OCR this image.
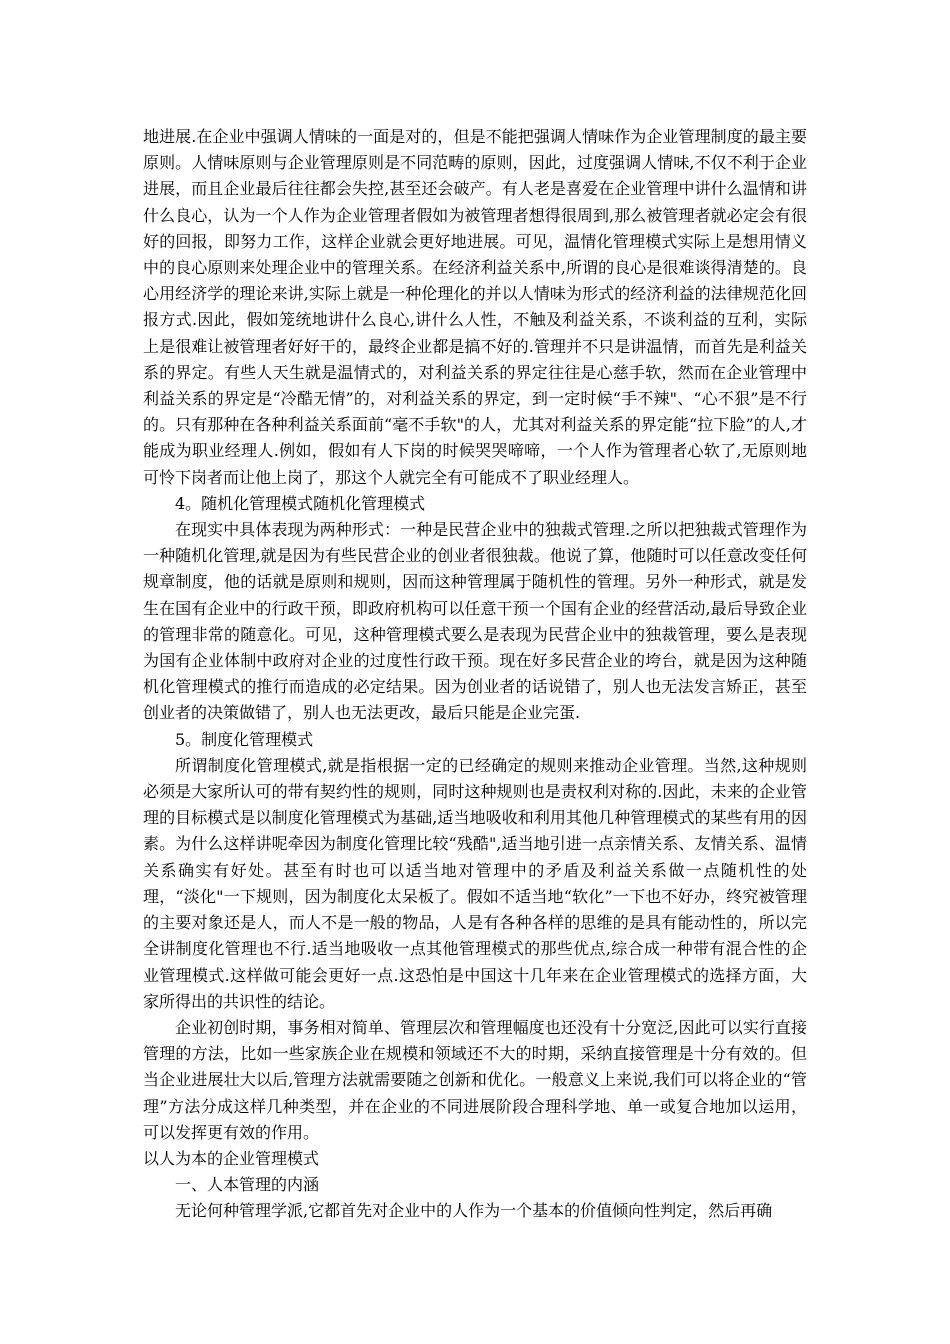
地进展.在企业中强调人情味的一面是对的，但是不能把强调人情味作为企业管理制度的最主要原则。人情味原则与企业管理原则是不同范畴的原则，因此，过度强调人情味,不仅不利于企业进展，而且企业最后往往都会失控,甚至还会破产。有人老是喜爱在企业管理中讲什么温情和讲什么良心，认为一个人作为企业管理者假如为被管理者想得很周到,那么被管理者就必定会有很好的回报，即努力工作，这样企业就会更好地进展。可见，温情化管理模式实际上是想用情义中的良心原则来处理企业中的管理关系。在经济利益关系中,所谓的良心是很难谈得清楚的。良心用经济学的理论来讲,实际上就是一种伦理化的并以人情味为形式的经济利益的法律规范化回报方式.因此，假如笼统地讲什么良心,讲什么人性，不触及利益关系，不谈利益的互利，实际上是很难让被管理者好好干的，最终企业都是搞不好的.管理并不只是讲温情，而首先是利益关系的界定。有些人天生就是温情式的，对利益关系的界定往往是心慈手软，然而在企业管理中利益关系的界定是“冷酷无情”的，对利益关系的界定，到一定时候“手不辣"、“心不狠”是不行的。只有那种在各种利益关系面前“毫不手软"的人，尤其对利益关系的界定能“拉下脸”的人,才能成为职业经理人.例如，假如有人下岗的时候哭哭啼啼，一个人作为管理者心软了,无原则地可怜下岗者而让他上岗了，那这个人就完全有可能成不了职业经理人。

4。随机化管理模式随机化管理模式

在现实中具体表现为两种形式：一种是民营企业中的独裁式管理.之所以把独裁式管理作为一种随机化管理,就是因为有些民营企业的创业者很独裁。他说了算，他随时可以任意改变任何规章制度，他的话就是原则和规则，因而这种管理属于随机性的管理。另外一种形式，就是发生在国有企业中的行政干预，即政府机构可以任意干预一个国有企业的经营活动,最后导致企业的管理非常的随意化。可见，这种管理模式要么是表现为民营企业中的独裁管理，要么是表现为国有企业体制中政府对企业的过度性行政干预。现在好多民营企业的垮台，就是因为这种随机化管理模式的推行而造成的必定结果。因为创业者的话说错了，别人也无法发言矫正，甚至创业者的决策做错了，别人也无法更改，最后只能是企业完蛋.

5。制度化管理模式

所谓制度化管理模式,就是指根据一定的已经确定的规则来推动企业管理。当然,这种规则必须是大家所认可的带有契约性的规则，同时这种规则也是责权利对称的.因此，未来的企业管理的目标模式是以制度化管理模式为基础,适当地吸收和利用其他几种管理模式的某些有用的因素。为什么这样讲呢牵因为制度化管理比较“残酷",适当地引进一点亲情关系、友情关系、温情关系确实有好处。甚至有时也可以适当地对管理中的矛盾及利益关系做一点随机性的处理，“淡化"一下规则，因为制度化太呆板了。假如不适当地“软化”一下也不好办，终究被管理的主要对象还是人，而人不是一般的物品，人是有各种各样的思维的是具有能动性的，所以完全讲制度化管理也不行.适当地吸收一点其他管理模式的那些优点,综合成一种带有混合性的企业管理模式.这样做可能会更好一点.这恐怕是中国这十几年来在企业管理模式的选择方面，大家所得出的共识性的结论。

企业初创时期，事务相对简单、管理层次和管理幅度也还没有十分宽泛,因此可以实行直接管理的方法，比如一些家族企业在规模和领域还不大的时期，采纳直接管理是十分有效的。但当企业进展壮大以后,管理方法就需要随之创新和优化。一般意义上来说,我们可以将企业的“管理”方法分成这样几种类型，并在企业的不同进展阶段合理科学地、单一或复合地加以运用，可以发挥更有效的作用。

以人为本的企业管理模式

一、人本管理的内涵

无论何种管理学派,它都首先对企业中的人作为一个基本的价值倾向性判定，然后再确
